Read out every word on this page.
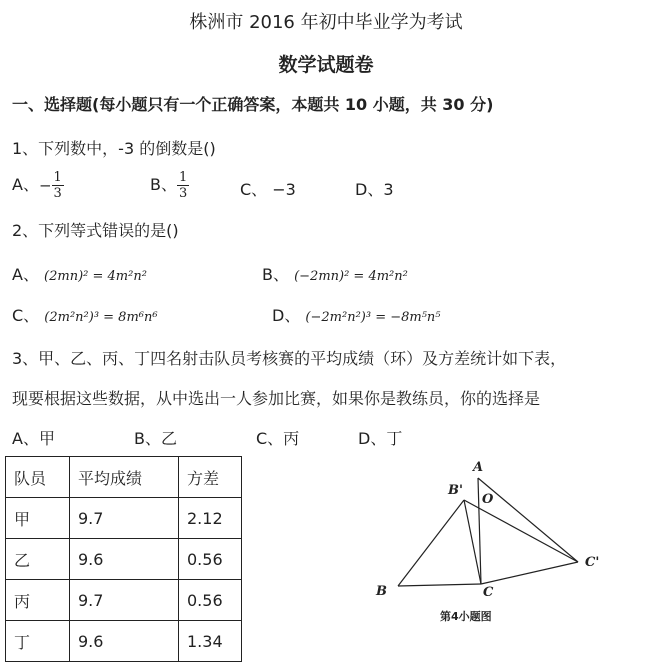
株洲市 2016 年初中毕业学为考试
数学试题卷
一、选择题(每小题只有一个正确答案，本题共 10 小题，共 30 分)
1、下列数中，-3 的倒数是()
A、− $\frac{1}{3}$	B、 $\frac{1}{3}$	C、 −3	D、3
2、下列等式错误的是()
A、 (2mn)² = 4m²n²	B、 (−2mn)² = 4m²n²
C、 (2m²n²)³ = 8m⁶n⁶	D、 (−2m²n²)³ = −8m⁵n⁵
3、甲、乙、丙、丁四名射击队员考核赛的平均成绩（环）及方差统计如下表，
现要根据这些数据，从中选出一人参加比赛，如果你是教练员，你的选择是
A、甲	B、乙	C、丙	D、丁
队员	平均成绩	方差
甲	9.7	2.12
乙	9.6	0.56
丙	9.7	0.56
丁	9.6	1.34
A
B'
O
C'
B	C
第4小题图
